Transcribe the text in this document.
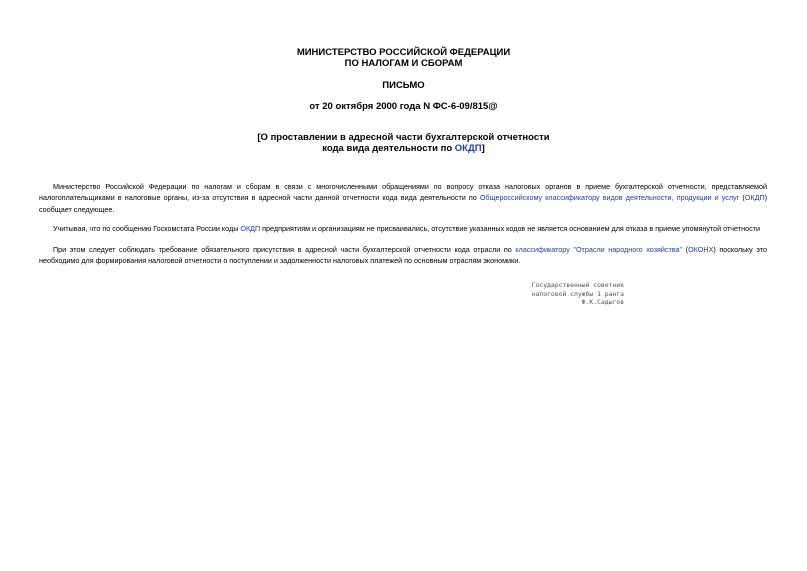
МИНИСТЕРСТВО РОССИЙСКОЙ ФЕДЕРАЦИИ
ПО НАЛОГАМ И СБОРАМ
ПИСЬМО
от 20 октября 2000 года N ФС-6-09/815@
[О проставлении в адресной части бухгалтерской отчетности
кода вида деятельности по ОКДП]

Министерство Российской Федерации по налогам и сборам в связи с многочисленными обращениями по вопросу отказа налоговых органов в приеме бухгалтерской отчетности, представляемой налогоплательщиками в налоговые органы, из-за отсутствия в адресной части данной отчетности кода вида деятельности по Общероссийскому классификатору видов деятельности, продукции и услуг (ОКДП) сообщает следующее.

Учитывая, что по сообщению Госкомстата России коды ОКДП предприятиям и организациям не присваивались, отсутствие указанных кодов не является основанием для отказа в приеме упомянутой отчетности

При этом следует соблюдать требование обязательного присутствия в адресной части бухгалтерской отчетности кода отрасли по классификатору "Отрасли народного хозяйства" (ОКОНХ) поскольку это необходимо для формирования налоговой отчетности о поступлении и задолженности налоговых платежей по основным отраслям экономики.

Государственный советник
налоговой службы 1 ранга
Ф.К.Садыгов
